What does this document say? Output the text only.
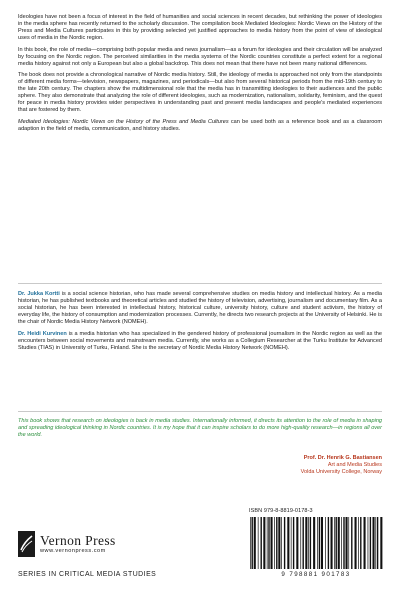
Ideologies have not been a focus of interest in the field of humanities and social sciences in recent decades, but rethinking the power of ideologies in the media sphere has recently returned to the scholarly discussion. The compilation book Mediated Ideologies: Nordic Views on the History of the Press and Media Cultures participates in this by providing selected yet justified approaches to media history from the point of view of ideological uses of media in the Nordic region.

In this book, the role of media—comprising both popular media and news journalism—as a forum for ideologies and their circulation will be analyzed by focusing on the Nordic region. The perceived similarities in the media systems of the Nordic countries constitute a perfect extent for a regional media history against not only a European but also a global backdrop. This does not mean that there have not been many national differences.

The book does not provide a chronological narrative of Nordic media history. Still, the ideology of media is approached not only from the standpoints of different media forms—television, newspapers, magazines, and periodicals—but also from several historical periods from the mid-19th century to the late 20th century. The chapters show the multidimensional role that the media has in transmitting ideologies to their audiences and the public sphere. They also demonstrate that analyzing the role of different ideologies, such as modernization, nationalism, solidarity, feminism, and the quest for peace in media history provides wider perspectives in understanding past and present media landscapes and people's mediated experiences that are fostered by them.

Mediated Ideologies: Nordic Views on the History of the Press and Media Cultures can be used both as a reference book and as a classroom adaption in the field of media, communication, and history studies.

Dr. Jukka Kortti is a social science historian, who has made several comprehensive studies on media history and intellectual history. As a media historian, he has published textbooks and theoretical articles and studied the history of television, advertising, journalism and documentary film. As a social historian, he has been interested in intellectual history, historical culture, university history, culture and student activism, the history of everyday life, the history of consumption and modernization processes. Currently, he directs two research projects at the University of Helsinki. He is the chair of Nordic Media History Network (NOMEH).

Dr. Heidi Kurvinen is a media historian who has specialized in the gendered history of professional journalism in the Nordic region as well as the encounters between social movements and mainstream media. Currently, she works as a Collegium Researcher at the Turku Institute for Advanced Studies (TIAS) in University of Turku, Finland. She is the secretary of Nordic Media History Network (NOMEH).

This book shows that research on ideologies is back in media studies. Internationally informed, it directs its attention to the role of media in shaping and spreading ideological thinking in Nordic countries. It is my hope that it can inspire scholars to do more high-quality research—in regions all over the world.
Prof. Dr. Henrik G. Bastiansen
Art and Media Studies
Volda University College, Norway
ISBN 979-8-8819-0178-3
9 798881 901783
Vernon Press
www.vernonpress.com
SERIES IN CRITICAL MEDIA STUDIES
